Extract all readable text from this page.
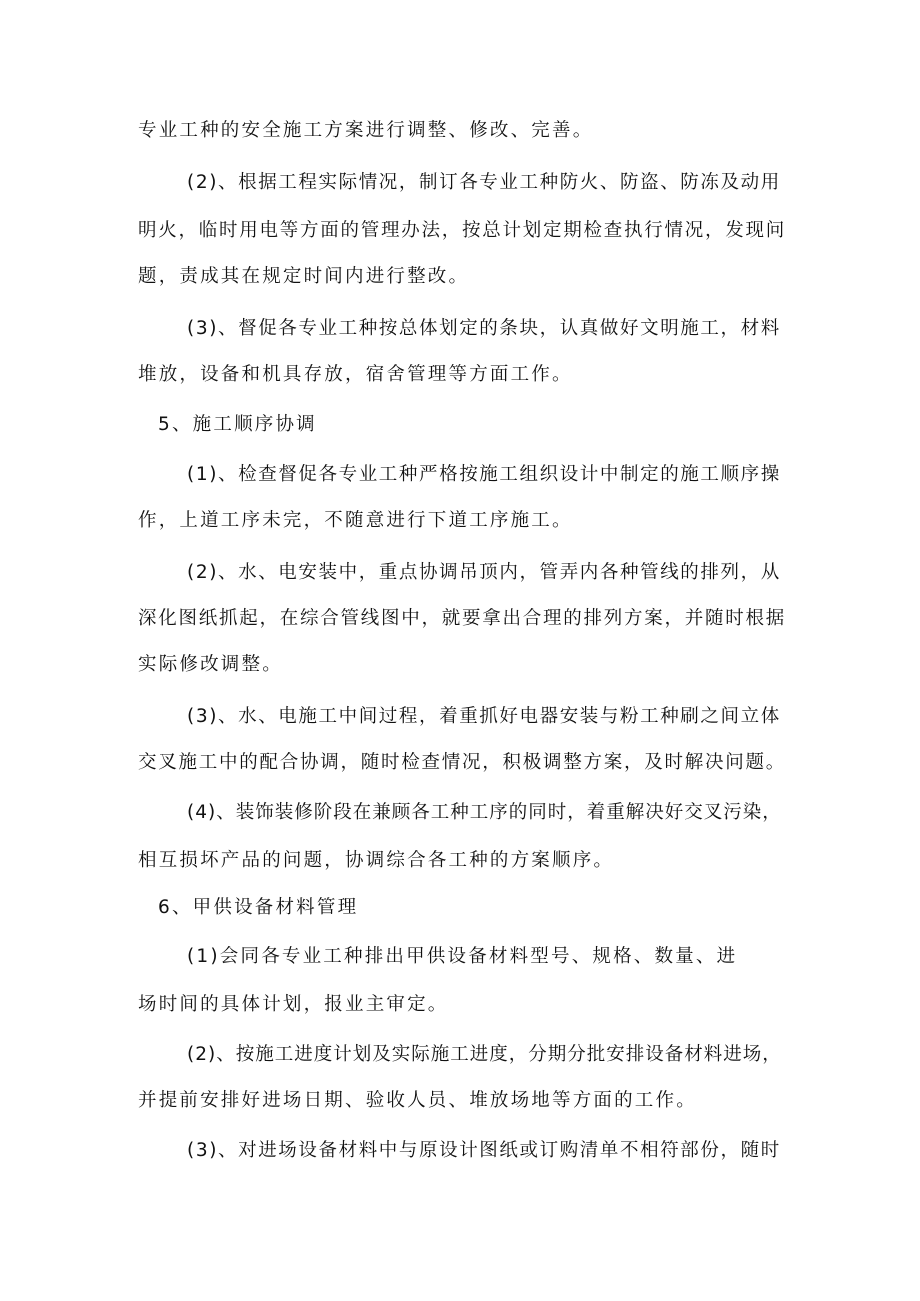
专业工种的安全施工方案进行调整、修改、完善。
(2)、根据工程实际情况，制订各专业工种防火、防盗、防冻及动用
明火，临时用电等方面的管理办法，按总计划定期检查执行情况，发现问
题，责成其在规定时间内进行整改。
(3)、督促各专业工种按总体划定的条块，认真做好文明施工，材料
堆放，设备和机具存放，宿舍管理等方面工作。
5、施工顺序协调
(1)、检查督促各专业工种严格按施工组织设计中制定的施工顺序操
作，上道工序未完，不随意进行下道工序施工。
(2)、水、电安装中，重点协调吊顶内，管弄内各种管线的排列，从
深化图纸抓起，在综合管线图中，就要拿出合理的排列方案，并随时根据
实际修改调整。
(3)、水、电施工中间过程，着重抓好电器安装与粉工种刷之间立体
交叉施工中的配合协调，随时检查情况，积极调整方案，及时解决问题。
(4)、装饰装修阶段在兼顾各工种工序的同时，着重解决好交叉污染，
相互损坏产品的问题，协调综合各工种的方案顺序。
6、甲供设备材料管理
(1)会同各专业工种排出甲供设备材料型号、规格、数量、进
场时间的具体计划，报业主审定。
(2)、按施工进度计划及实际施工进度，分期分批安排设备材料进场，
并提前安排好进场日期、验收人员、堆放场地等方面的工作。
(3)、对进场设备材料中与原设计图纸或订购清单不相符部份，随时
